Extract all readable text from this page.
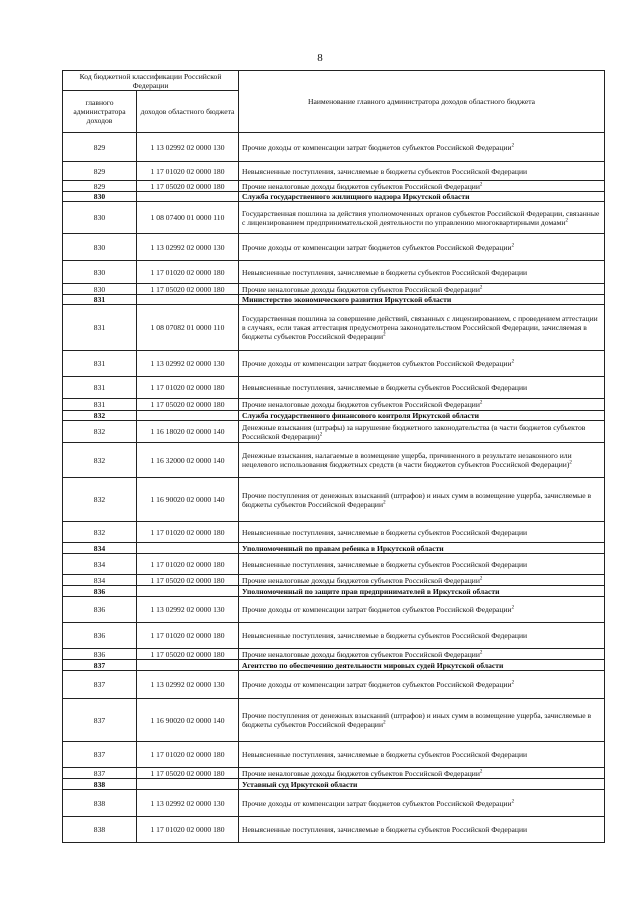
8
Код бюджетной классификации Российской Федерации		Наименование главного администратора доходов областного бюджета
главного администратора доходов	доходов областного бюджета	
829	1 13 02992 02 0000 130	Прочие доходы от компенсации затрат бюджетов субъектов Российской Федерации$^2$
829	1 17 01020 02 0000 180	Невыясненные поступления, зачисляемые в бюджеты субъектов Российской Федерации
829	1 17 05020 02 0000 180	Прочие неналоговые доходы бюджетов субъектов Российской Федерации$^2$
830		Служба государственного жилищного надзора Иркутской области
830	1 08 07400 01 0000 110	Государственная пошлина за действия уполномоченных органов субъектов Российской Федерации, связанные с лицензированием предпринимательской деятельности по управлению многоквартирными домами$^2$
830	1 13 02992 02 0000 130	Прочие доходы от компенсации затрат бюджетов субъектов Российской Федерации$^2$
830	1 17 01020 02 0000 180	Невыясненные поступления, зачисляемые в бюджеты субъектов Российской Федерации
830	1 17 05020 02 0000 180	Прочие неналоговые доходы бюджетов субъектов Российской Федерации$^2$
831		Министерство экономического развития Иркутской области
831	1 08 07082 01 0000 110	Государственная пошлина за совершение действий, связанных с лицензированием, с проведением аттестации в случаях, если такая аттестация предусмотрена законодательством Российской Федерации, зачисляемая в бюджеты субъектов Российской Федерации$^2$
831	1 13 02992 02 0000 130	Прочие доходы от компенсации затрат бюджетов субъектов Российской Федерации$^2$
831	1 17 01020 02 0000 180	Невыясненные поступления, зачисляемые в бюджеты субъектов Российской Федерации
831	1 17 05020 02 0000 180	Прочие неналоговые доходы бюджетов субъектов Российской Федерации$^2$
832		Служба государственного финансового контроля Иркутской области
832	1 16 18020 02 0000 140	Денежные взыскания (штрафы) за нарушение бюджетного законодательства (в части бюджетов субъектов Российской Федерации)$^2$
832	1 16 32000 02 0000 140	Денежные взыскания, налагаемые в возмещение ущерба, причиненного в результате незаконного или нецелевого использования бюджетных средств (в части бюджетов субъектов Российской Федерации)$^2$
832	1 16 90020 02 0000 140	Прочие поступления от денежных взысканий (штрафов) и иных сумм в возмещение ущерба, зачисляемые в бюджеты субъектов Российской Федерации$^2$
832	1 17 01020 02 0000 180	Невыясненные поступления, зачисляемые в бюджеты субъектов Российской Федерации
834		Уполномоченный по правам ребенка в Иркутской области
834	1 17 01020 02 0000 180	Невыясненные поступления, зачисляемые в бюджеты субъектов Российской Федерации
834	1 17 05020 02 0000 180	Прочие неналоговые доходы бюджетов субъектов Российской Федерации$^2$
836		Уполномоченный по защите прав предпринимателей в Иркутской области
836	1 13 02992 02 0000 130	Прочие доходы от компенсации затрат бюджетов субъектов Российской Федерации$^2$
836	1 17 01020 02 0000 180	Невыясненные поступления, зачисляемые в бюджеты субъектов Российской Федерации
836	1 17 05020 02 0000 180	Прочие неналоговые доходы бюджетов субъектов Российской Федерации$^2$
837		Агентство по обеспечению деятельности мировых судей Иркутской области
837	1 13 02992 02 0000 130	Прочие доходы от компенсации затрат бюджетов субъектов Российской Федерации$^2$
837	1 16 90020 02 0000 140	Прочие поступления от денежных взысканий (штрафов) и иных сумм в возмещение ущерба, зачисляемые в бюджеты субъектов Российской Федерации$^2$
837	1 17 01020 02 0000 180	Невыясненные поступления, зачисляемые в бюджеты субъектов Российской Федерации
837	1 17 05020 02 0000 180	Прочие неналоговые доходы бюджетов субъектов Российской Федерации$^2$
838		Уставный суд Иркутской области
838	1 13 02992 02 0000 130	Прочие доходы от компенсации затрат бюджетов субъектов Российской Федерации$^2$
838	1 17 01020 02 0000 180	Невыясненные поступления, зачисляемые в бюджеты субъектов Российской Федерации
